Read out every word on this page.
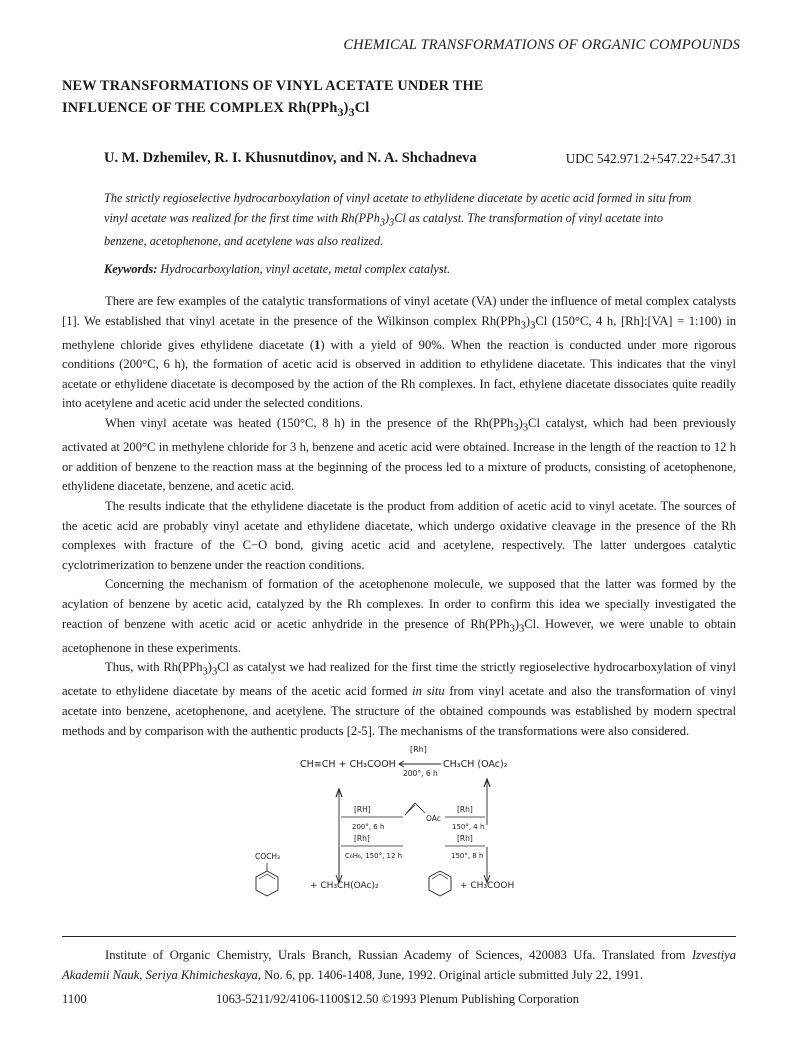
CHEMICAL TRANSFORMATIONS OF ORGANIC COMPOUNDS
NEW TRANSFORMATIONS OF VINYL ACETATE UNDER THE
INFLUENCE OF THE COMPLEX $Rh(PPh_3)_3Cl$
U. M. Dzhemilev, R. I. Khusnutdinov, and N. A. Shchadneva	UDC 542.971.2+547.22+547.31

The strictly regioselective hydrocarboxylation of vinyl acetate to ethylidene diacetate by acetic acid formed in situ from vinyl acetate was realized for the first time with $Rh(PPh_3)_3Cl$ as catalyst. The transformation of vinyl acetate into benzene, acetophenone, and acetylene was also realized.

Keywords: Hydrocarboxylation, vinyl acetate, metal complex catalyst.

There are few examples of the catalytic transformations of vinyl acetate (VA) under the influence of metal complex catalysts [1]. We established that vinyl acetate in the presence of the Wilkinson complex $Rh(PPh_3)_3Cl$ (150°C, 4 h, [Rh]:[VA] = 1:100) in methylene chloride gives ethylidene diacetate (1) with a yield of 90%. When the reaction is conducted under more rigorous conditions (200°C, 6 h), the formation of acetic acid is observed in addition to ethylidene diacetate. This indicates that the vinyl acetate or ethylidene diacetate is decomposed by the action of the Rh complexes. In fact, ethylene diacetate dissociates quite readily into acetylene and acetic acid under the selected conditions.

When vinyl acetate was heated (150°C, 8 h) in the presence of the $Rh(PPh_3)_3Cl$ catalyst, which had been previously activated at 200°C in methylene chloride for 3 h, benzene and acetic acid were obtained. Increase in the length of the reaction to 12 h or addition of benzene to the reaction mass at the beginning of the process led to a mixture of products, consisting of acetophenone, ethylidene diacetate, benzene, and acetic acid.

The results indicate that the ethylidene diacetate is the product from addition of acetic acid to vinyl acetate. The sources of the acetic acid are probably vinyl acetate and ethylidene diacetate, which undergo oxidative cleavage in the presence of the Rh complexes with fracture of the C−O bond, giving acetic acid and acetylene, respectively. The latter undergoes catalytic cyclotrimerization to benzene under the reaction conditions.

Concerning the mechanism of formation of the acetophenone molecule, we supposed that the latter was formed by the acylation of benzene by acetic acid, catalyzed by the Rh complexes. In order to confirm this idea we specially investigated the reaction of benzene with acetic acid or acetic anhydride in the presence of $Rh(PPh_3)_3Cl$. However, we were unable to obtain acetophenone in these experiments.

Thus, with $Rh(PPh_3)_3Cl$ as catalyst we had realized for the first time the strictly regioselective hydrocarboxylation of vinyl acetate to ethylidene diacetate by means of the acetic acid formed in situ from vinyl acetate and also the transformation of vinyl acetate into benzene, acetophenone, and acetylene. The structure of the obtained compounds was established by modern spectral methods and by comparison with the authentic products [2-5]. The mechanisms of the transformations were also considered.

CH≡CH + CH₃COOH
[Rh]
200°, 6 h
CH₃CH (OAc)₂
[RH]
200°, 6 h
[Rh]
C₆H₆, 150°, 12 h
OAc
[Rh]
150°, 4 h
[Rh]
150°, 8 h
COCH₃
+ CH₃CH(OAc)₂	+ CH₃COOH

Institute of Organic Chemistry, Urals Branch, Russian Academy of Sciences, 420083 Ufa. Translated from Izvestiya Akademii Nauk, Seriya Khimicheskaya, No. 6, pp. 1406-1408, June, 1992. Original article submitted July 22, 1991.

1100	1063-5211/92/4106-1100$12.50 ©1993 Plenum Publishing Corporation
